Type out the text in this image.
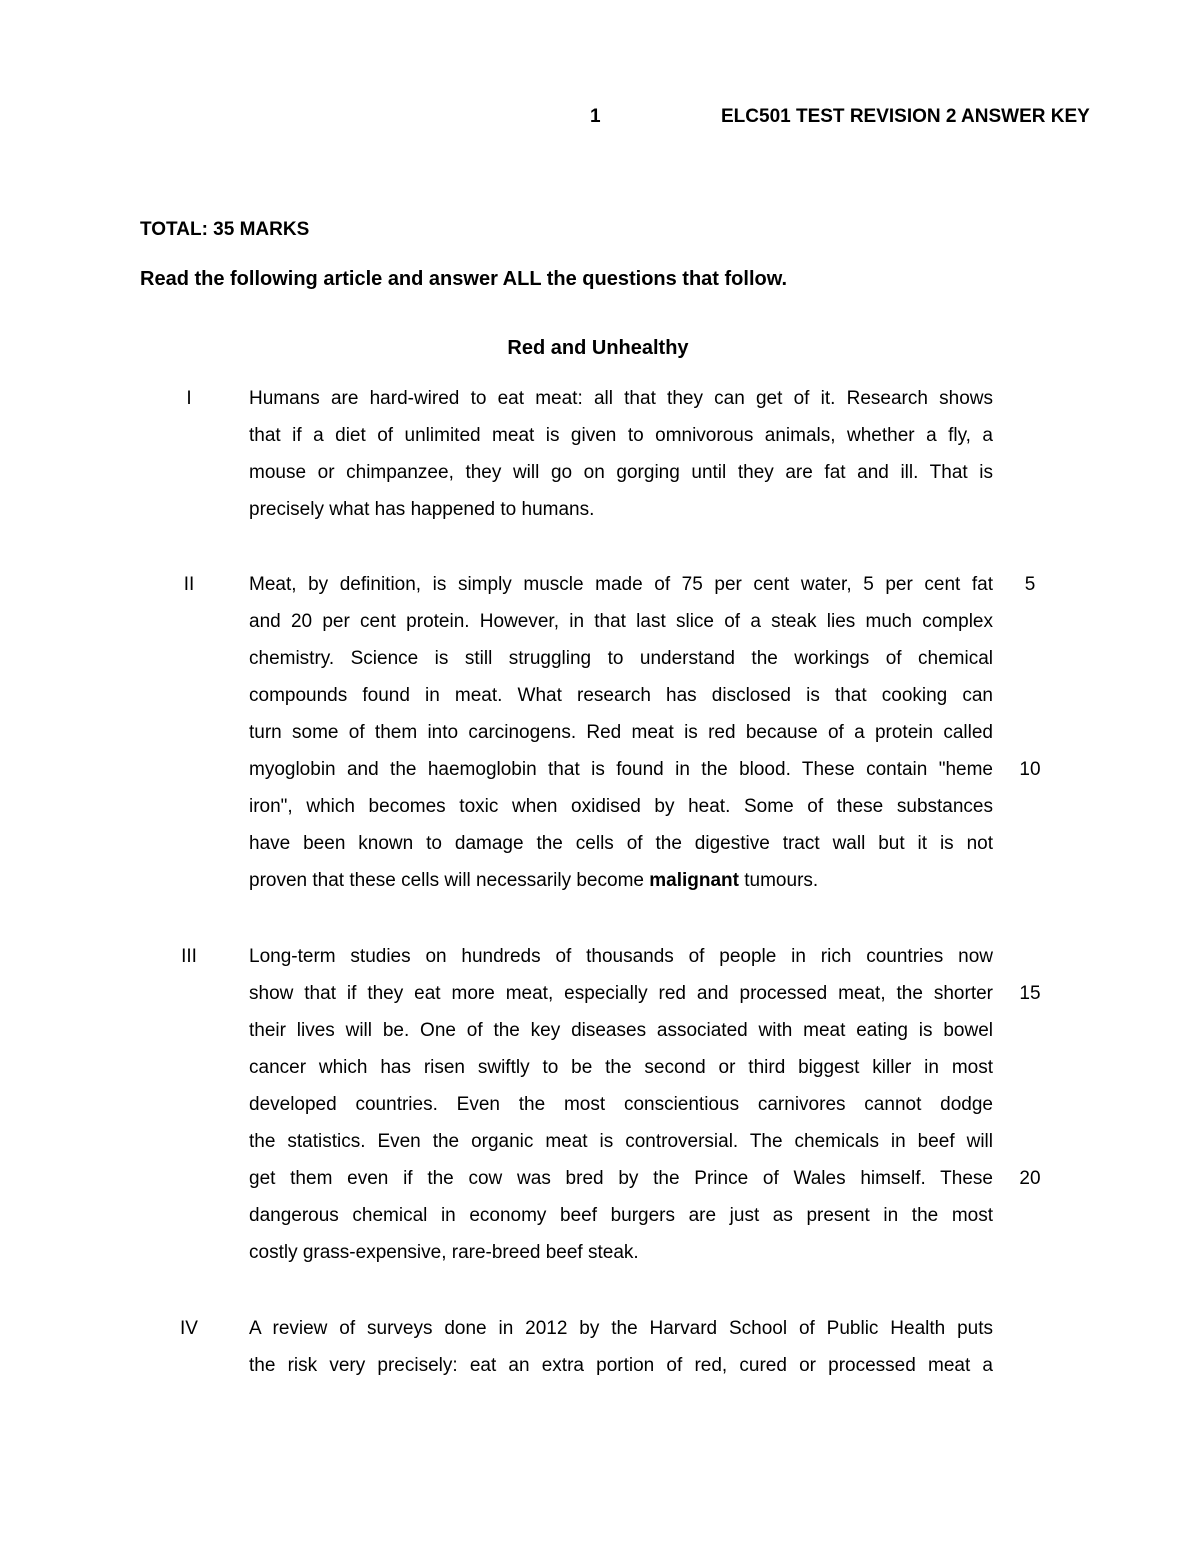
1	ELC501 TEST REVISION 2 ANSWER KEY
TOTAL: 35 MARKS
Read the following article and answer ALL the questions that follow.
Red and Unhealthy
I	Humans are hard-wired to eat meat: all that they can get of it. Research shows
that if a diet of unlimited meat is given to omnivorous animals, whether a fly, a
mouse or chimpanzee, they will go on gorging until they are fat and ill. That is
precisely what has happened to humans.
II	Meat, by definition, is simply muscle made of 75 per cent water, 5 per cent fat
and 20 per cent protein. However, in that last slice of a steak lies much complex
chemistry. Science is still struggling to understand the workings of chemical
compounds found in meat. What research has disclosed is that cooking can
turn some of them into carcinogens. Red meat is red because of a protein called
myoglobin and the haemoglobin that is found in the blood. These contain "heme
iron", which becomes toxic when oxidised by heat. Some of these substances
have been known to damage the cells of the digestive tract wall but it is not
proven that these cells will necessarily become malignant tumours.
5
10
III	Long-term studies on hundreds of thousands of people in rich countries now
show that if they eat more meat, especially red and processed meat, the shorter
their lives will be. One of the key diseases associated with meat eating is bowel
cancer which has risen swiftly to be the second or third biggest killer in most
developed countries. Even the most conscientious carnivores cannot dodge
the statistics. Even the organic meat is controversial. The chemicals in beef will
get them even if the cow was bred by the Prince of Wales himself. These
dangerous chemical in economy beef burgers are just as present in the most
costly grass-expensive, rare-breed beef steak.
15
20
IV	A review of surveys done in 2012 by the Harvard School of Public Health puts
the risk very precisely: eat an extra portion of red, cured or processed meat a
